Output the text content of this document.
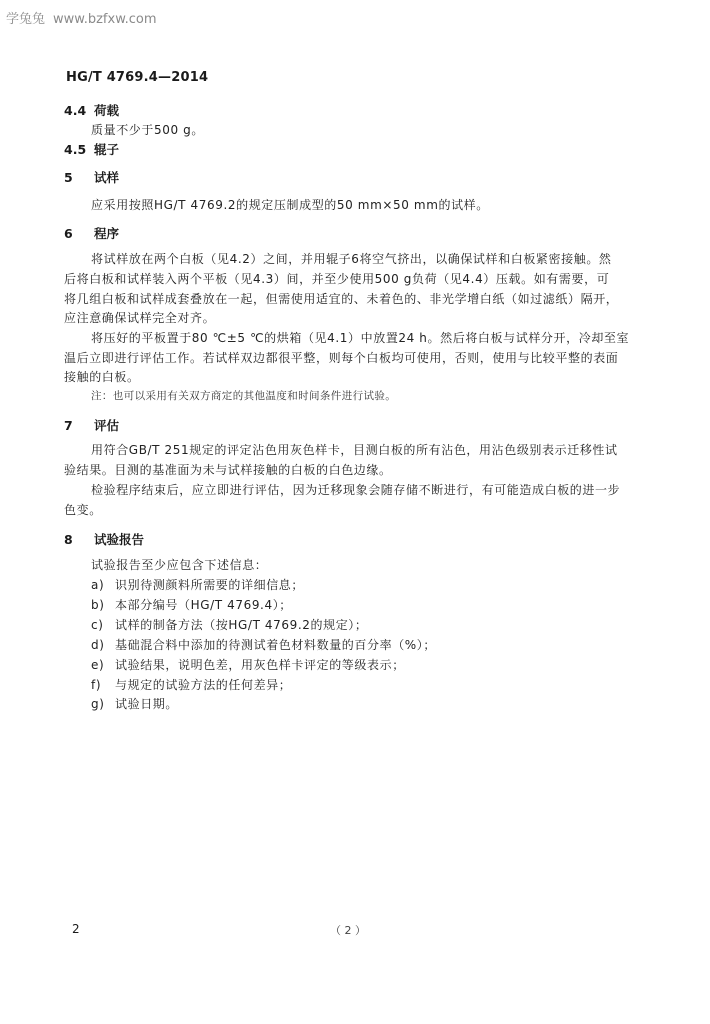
学兔兔 www.bzfxw.com
HG/T 4769.4—2014
4.4 荷载
质量不少于500 g。
4.5 辊子
5 试样
应采用按照HG/T 4769.2的规定压制成型的50 mm×50 mm的试样。
6 程序
将试样放在两个白板（见4.2）之间，并用辊子6将空气挤出，以确保试样和白板紧密接触。然
后将白板和试样装入两个平板（见4.3）间，并至少使用500 g负荷（见4.4）压载。如有需要，可
将几组白板和试样成套叠放在一起，但需使用适宜的、未着色的、非光学增白纸（如过滤纸）隔开，
应注意确保试样完全对齐。
将压好的平板置于80 ℃±5 ℃的烘箱（见4.1）中放置24 h。然后将白板与试样分开，冷却至室
温后立即进行评估工作。若试样双边都很平整，则每个白板均可使用，否则，使用与比较平整的表面
接触的白板。
注：也可以采用有关双方商定的其他温度和时间条件进行试验。
7 评估
用符合GB/T 251规定的评定沾色用灰色样卡，目测白板的所有沾色，用沾色级别表示迁移性试
验结果。目测的基准面为未与试样接触的白板的白色边缘。
检验程序结束后，应立即进行评估，因为迁移现象会随存储不断进行，有可能造成白板的进一步
色变。
8 试验报告
试验报告至少应包含下述信息：
a) 识别待测颜料所需要的详细信息；
b) 本部分编号（HG/T 4769.4）；
c) 试样的制备方法（按HG/T 4769.2的规定）；
d) 基础混合料中添加的待测试着色材料数量的百分率（%）；
e) 试验结果，说明色差，用灰色样卡评定的等级表示；
f) 与规定的试验方法的任何差异；
g) 试验日期。
2	（ 2 ）
